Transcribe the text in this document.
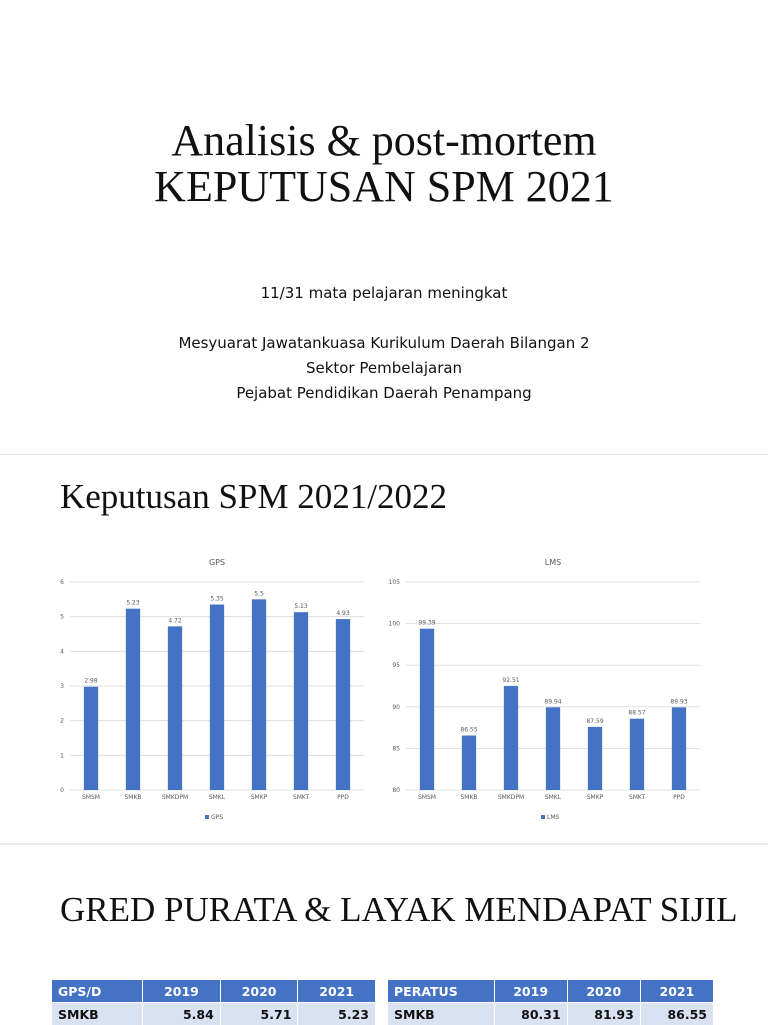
Analisis & post-mortem
KEPUTUSAN SPM 2021
11/31 mata pelajaran meningkat
Mesyuarat Jawatankuasa Kurikulum Daerah Bilangan 2
Sektor Pembelajaran
Pejabat Pendidikan Daerah Penampang
Keputusan SPM 2021/2022
GPS
0
1
2
3
4
5
6
2.98
SMSM
5.23
SMKB
4.72
SMKDPM
5.35
SMKL
5.5
SMKP
5.13
SMKT
4.93
PPD
GPS
LMS
80
85
90
95
100
105
99.39
SMSM
86.55
SMKB
92.51
SMKDPM
89.94
SMKL
87.59
SMKP
88.57
SMKT
89.93
PPD
LMS
GRED PURATA & LAYAK MENDAPAT SIJIL
GPS/D	2019	2020	2021
SMKB	5.84	5.71	5.23
PERATUS	2019	2020	2021
SMKB	80.31	81.93	86.55
